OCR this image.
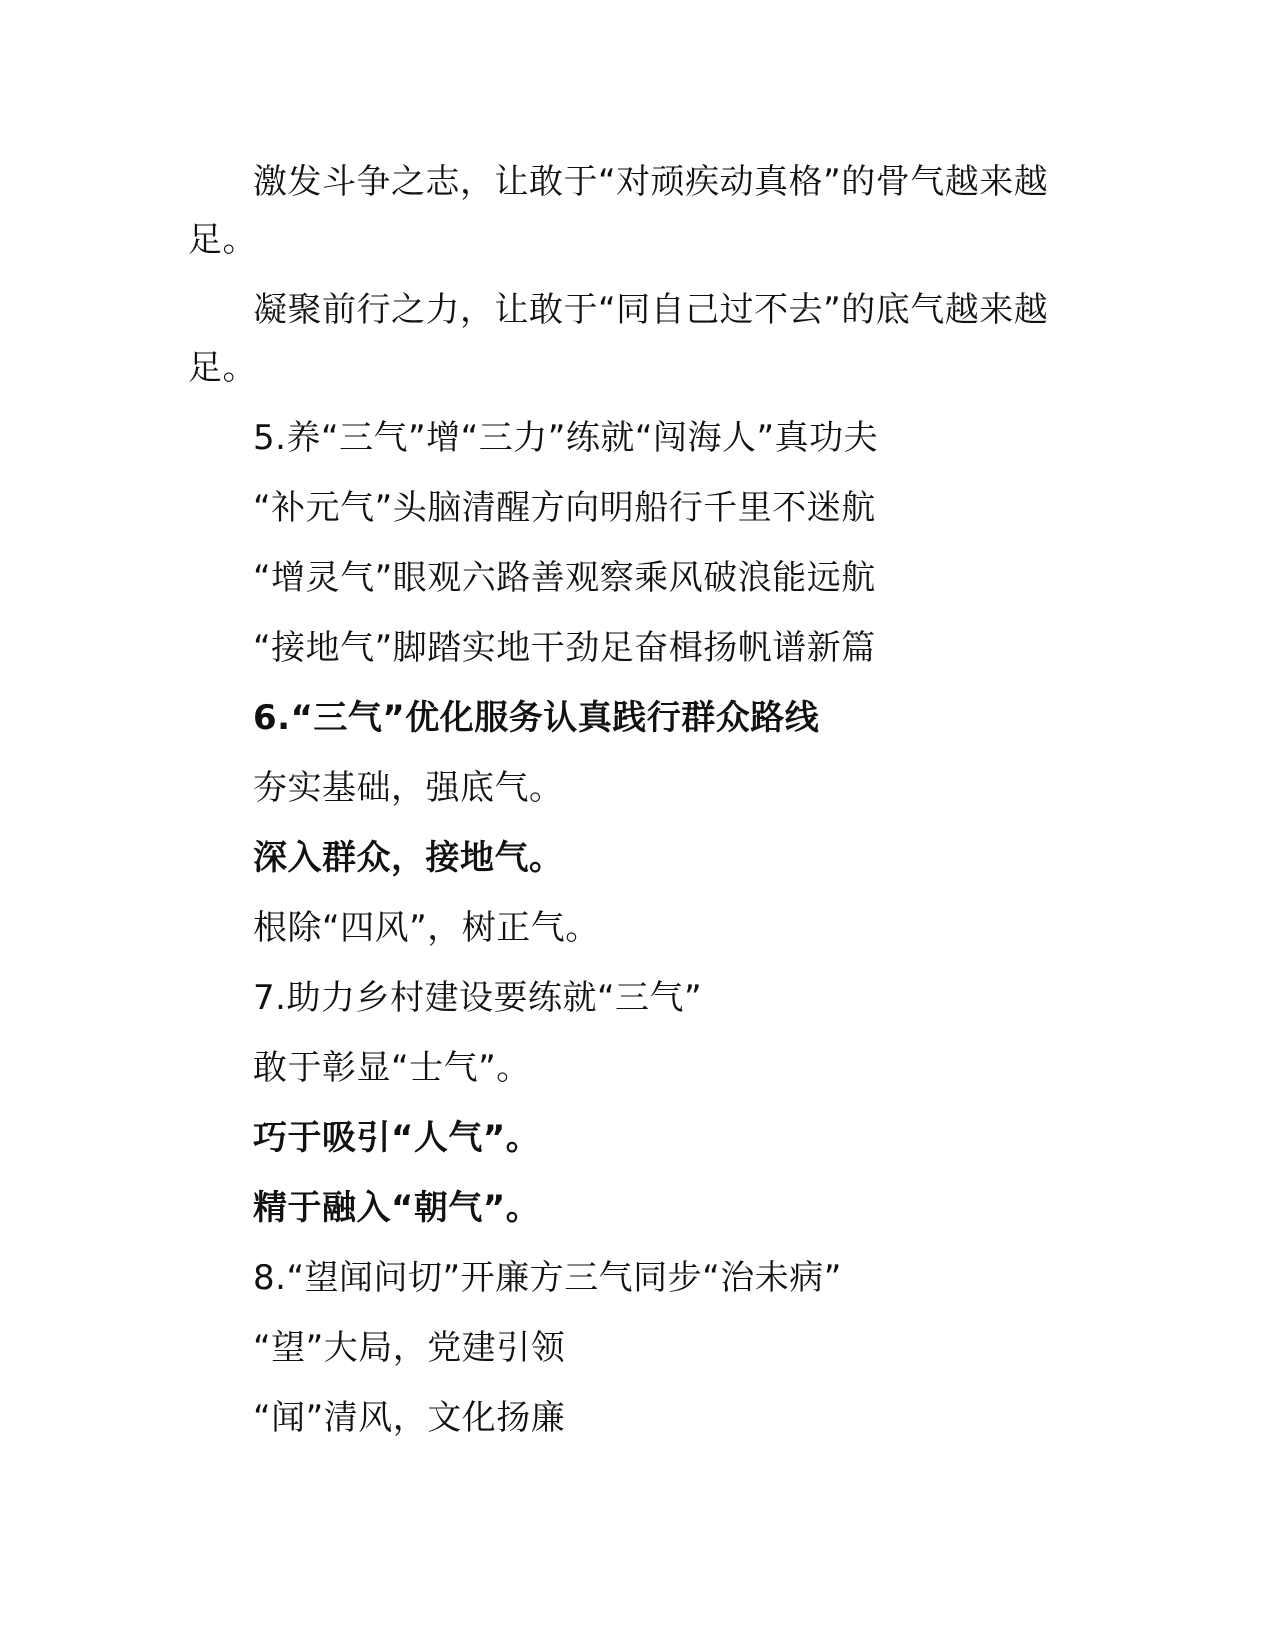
激发斗争之志，让敢于“对顽疾动真格”的骨气越来越足。

凝聚前行之力，让敢于“同自己过不去”的底气越来越足。

5.养“三气”增“三力”练就“闯海人”真功夫
“补元气”头脑清醒方向明船行千里不迷航
“增灵气”眼观六路善观察乘风破浪能远航
“接地气”脚踏实地干劲足奋楫扬帆谱新篇
6.“三气”优化服务认真践行群众路线
夯实基础，强底气。
深入群众，接地气。
根除“四风”，树正气。
7.助力乡村建设要练就“三气”
敢于彰显“士气”。
巧于吸引“人气”。
精于融入“朝气”。
8.“望闻问切”开廉方三气同步“治未病”
“望”大局，党建引领
“闻”清风，文化扬廉
